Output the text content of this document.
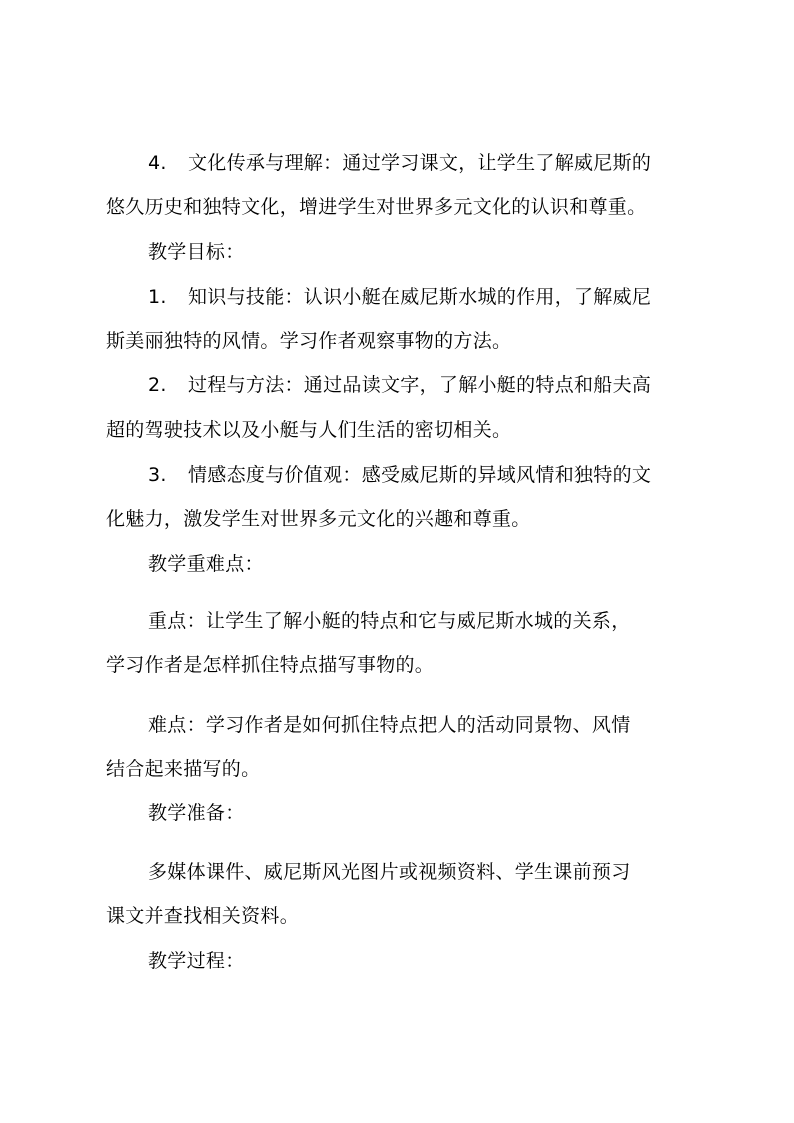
4. 文化传承与理解：通过学习课文，让学生了解威尼斯的
悠久历史和独特文化，增进学生对世界多元文化的认识和尊重。
教学目标：
1. 知识与技能：认识小艇在威尼斯水城的作用，了解威尼
斯美丽独特的风情。学习作者观察事物的方法。
2. 过程与方法：通过品读文字，了解小艇的特点和船夫高
超的驾驶技术以及小艇与人们生活的密切相关。
3. 情感态度与价值观：感受威尼斯的异域风情和独特的文
化魅力，激发学生对世界多元文化的兴趣和尊重。
教学重难点：
重点：让学生了解小艇的特点和它与威尼斯水城的关系，
学习作者是怎样抓住特点描写事物的。
难点：学习作者是如何抓住特点把人的活动同景物、风情
结合起来描写的。
教学准备：
多媒体课件、威尼斯风光图片或视频资料、学生课前预习
课文并查找相关资料。
教学过程：
